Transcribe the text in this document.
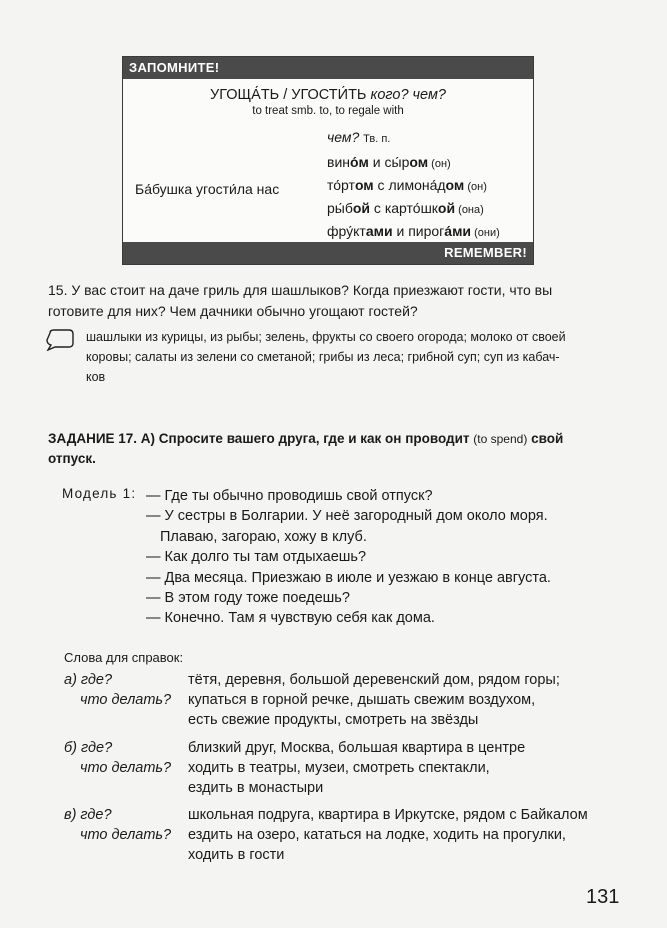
ЗАПОМНИТЕ!
УГОЩА́ТЬ / УГОСТИ́ТЬ кого? чем?
to treat smb. to, to regale with
чем? Тв. п.
Ба́бушка угости́ла нас
вино́м и сы́ром (он)
то́ртом с лимона́дом (он)
ры́бой с карто́шкой (она)
фру́ктами и пирога́ми (они)
REMEMBER!
15. У вас стоит на даче гриль для шашлыков? Когда приезжают гости, что вы
готовите для них? Чем дачники обычно угощают гостей?
шашлыки из курицы, из рыбы; зелень, фрукты со своего огорода; молоко от своей
коровы; салаты из зелени со сметаной; грибы из леса; грибной суп; суп из кабач-
ков
ЗАДАНИЕ 17. А) Спросите вашего друга, где и как он проводит (to spend) свой
отпуск.
Модель 1: — Где ты обычно проводишь свой отпуск?
— У сестры в Болгарии. У неё загородный дом около моря.
Плаваю, загораю, хожу в клуб.
— Как долго ты там отдыхаешь?
— Два месяца. Приезжаю в июле и уезжаю в конце августа.
— В этом году тоже поедешь?
— Конечно. Там я чувствую себя как дома.
Слова для справок:
а) где?
что делать?
тётя, деревня, большой деревенский дом, рядом горы;
купаться в горной речке, дышать свежим воздухом,
есть свежие продукты, смотреть на звёзды
б) где?
что делать?
близкий друг, Москва, большая квартира в центре
ходить в театры, музеи, смотреть спектакли,
ездить в монастыри
в) где?
что делать?
школьная подруга, квартира в Иркутске, рядом с Байкалом
ездить на озеро, кататься на лодке, ходить на прогулки,
ходить в гости
131
